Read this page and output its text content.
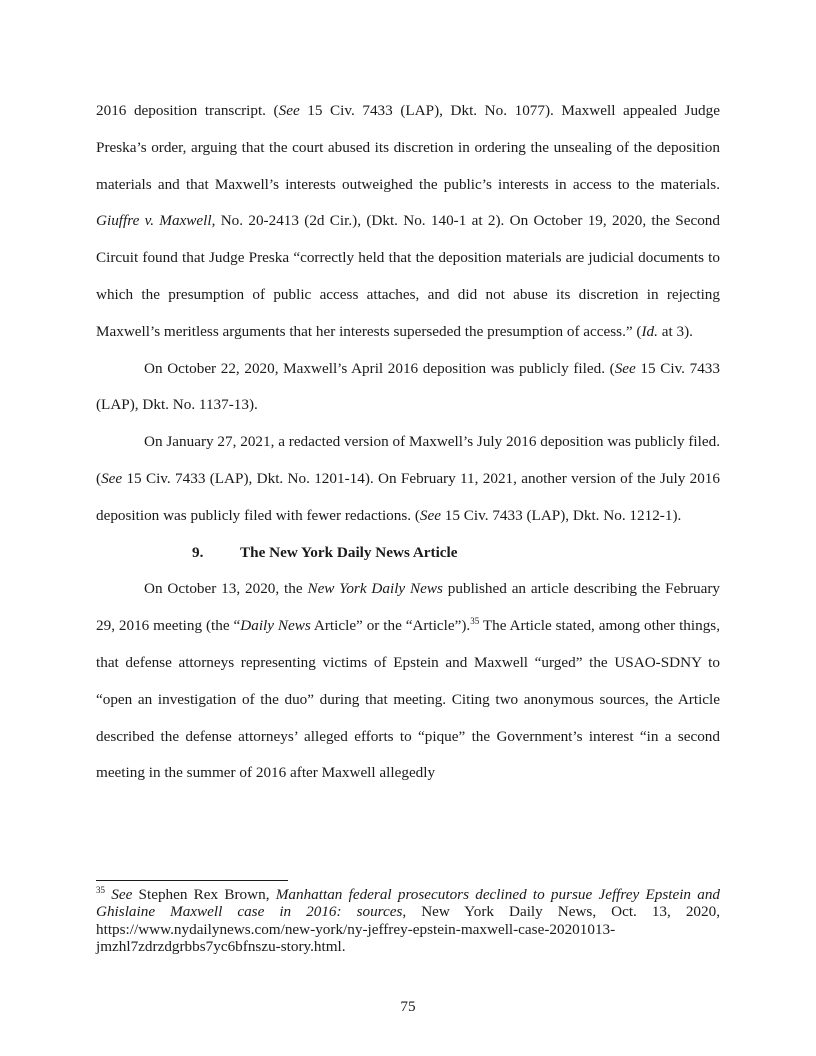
2016 deposition transcript. (See 15 Civ. 7433 (LAP), Dkt. No. 1077). Maxwell appealed Judge Preska’s order, arguing that the court abused its discretion in ordering the unsealing of the deposition materials and that Maxwell’s interests outweighed the public’s interests in access to the materials. Giuffre v. Maxwell, No. 20-2413 (2d Cir.), (Dkt. No. 140-1 at 2). On October 19, 2020, the Second Circuit found that Judge Preska “correctly held that the deposition materials are judicial documents to which the presumption of public access attaches, and did not abuse its discretion in rejecting Maxwell’s meritless arguments that her interests superseded the presumption of access.” (Id. at 3).

On October 22, 2020, Maxwell’s April 2016 deposition was publicly filed. (See 15 Civ. 7433 (LAP), Dkt. No. 1137-13).

On January 27, 2021, a redacted version of Maxwell’s July 2016 deposition was publicly filed. (See 15 Civ. 7433 (LAP), Dkt. No. 1201-14). On February 11, 2021, another version of the July 2016 deposition was publicly filed with fewer redactions. (See 15 Civ. 7433 (LAP), Dkt. No. 1212-1).

9. The New York Daily News Article

On October 13, 2020, the New York Daily News published an article describing the February 29, 2016 meeting (the “Daily News Article” or the “Article”).$^{35}$ The Article stated, among other things, that defense attorneys representing victims of Epstein and Maxwell “urged” the USAO-SDNY to “open an investigation of the duo” during that meeting. Citing two anonymous sources, the Article described the defense attorneys’ alleged efforts to “pique” the Government’s interest “in a second meeting in the summer of 2016 after Maxwell allegedly

$^{35}$ See Stephen Rex Brown, Manhattan federal prosecutors declined to pursue Jeffrey Epstein and Ghislaine Maxwell case in 2016: sources, New York Daily News, Oct. 13, 2020, https://www.nydailynews.com/new-york/ny-jeffrey-epstein-maxwell-case-20201013-jmzhl7zdrzdgrbbs7yc6bfnszu-story.html.

75
